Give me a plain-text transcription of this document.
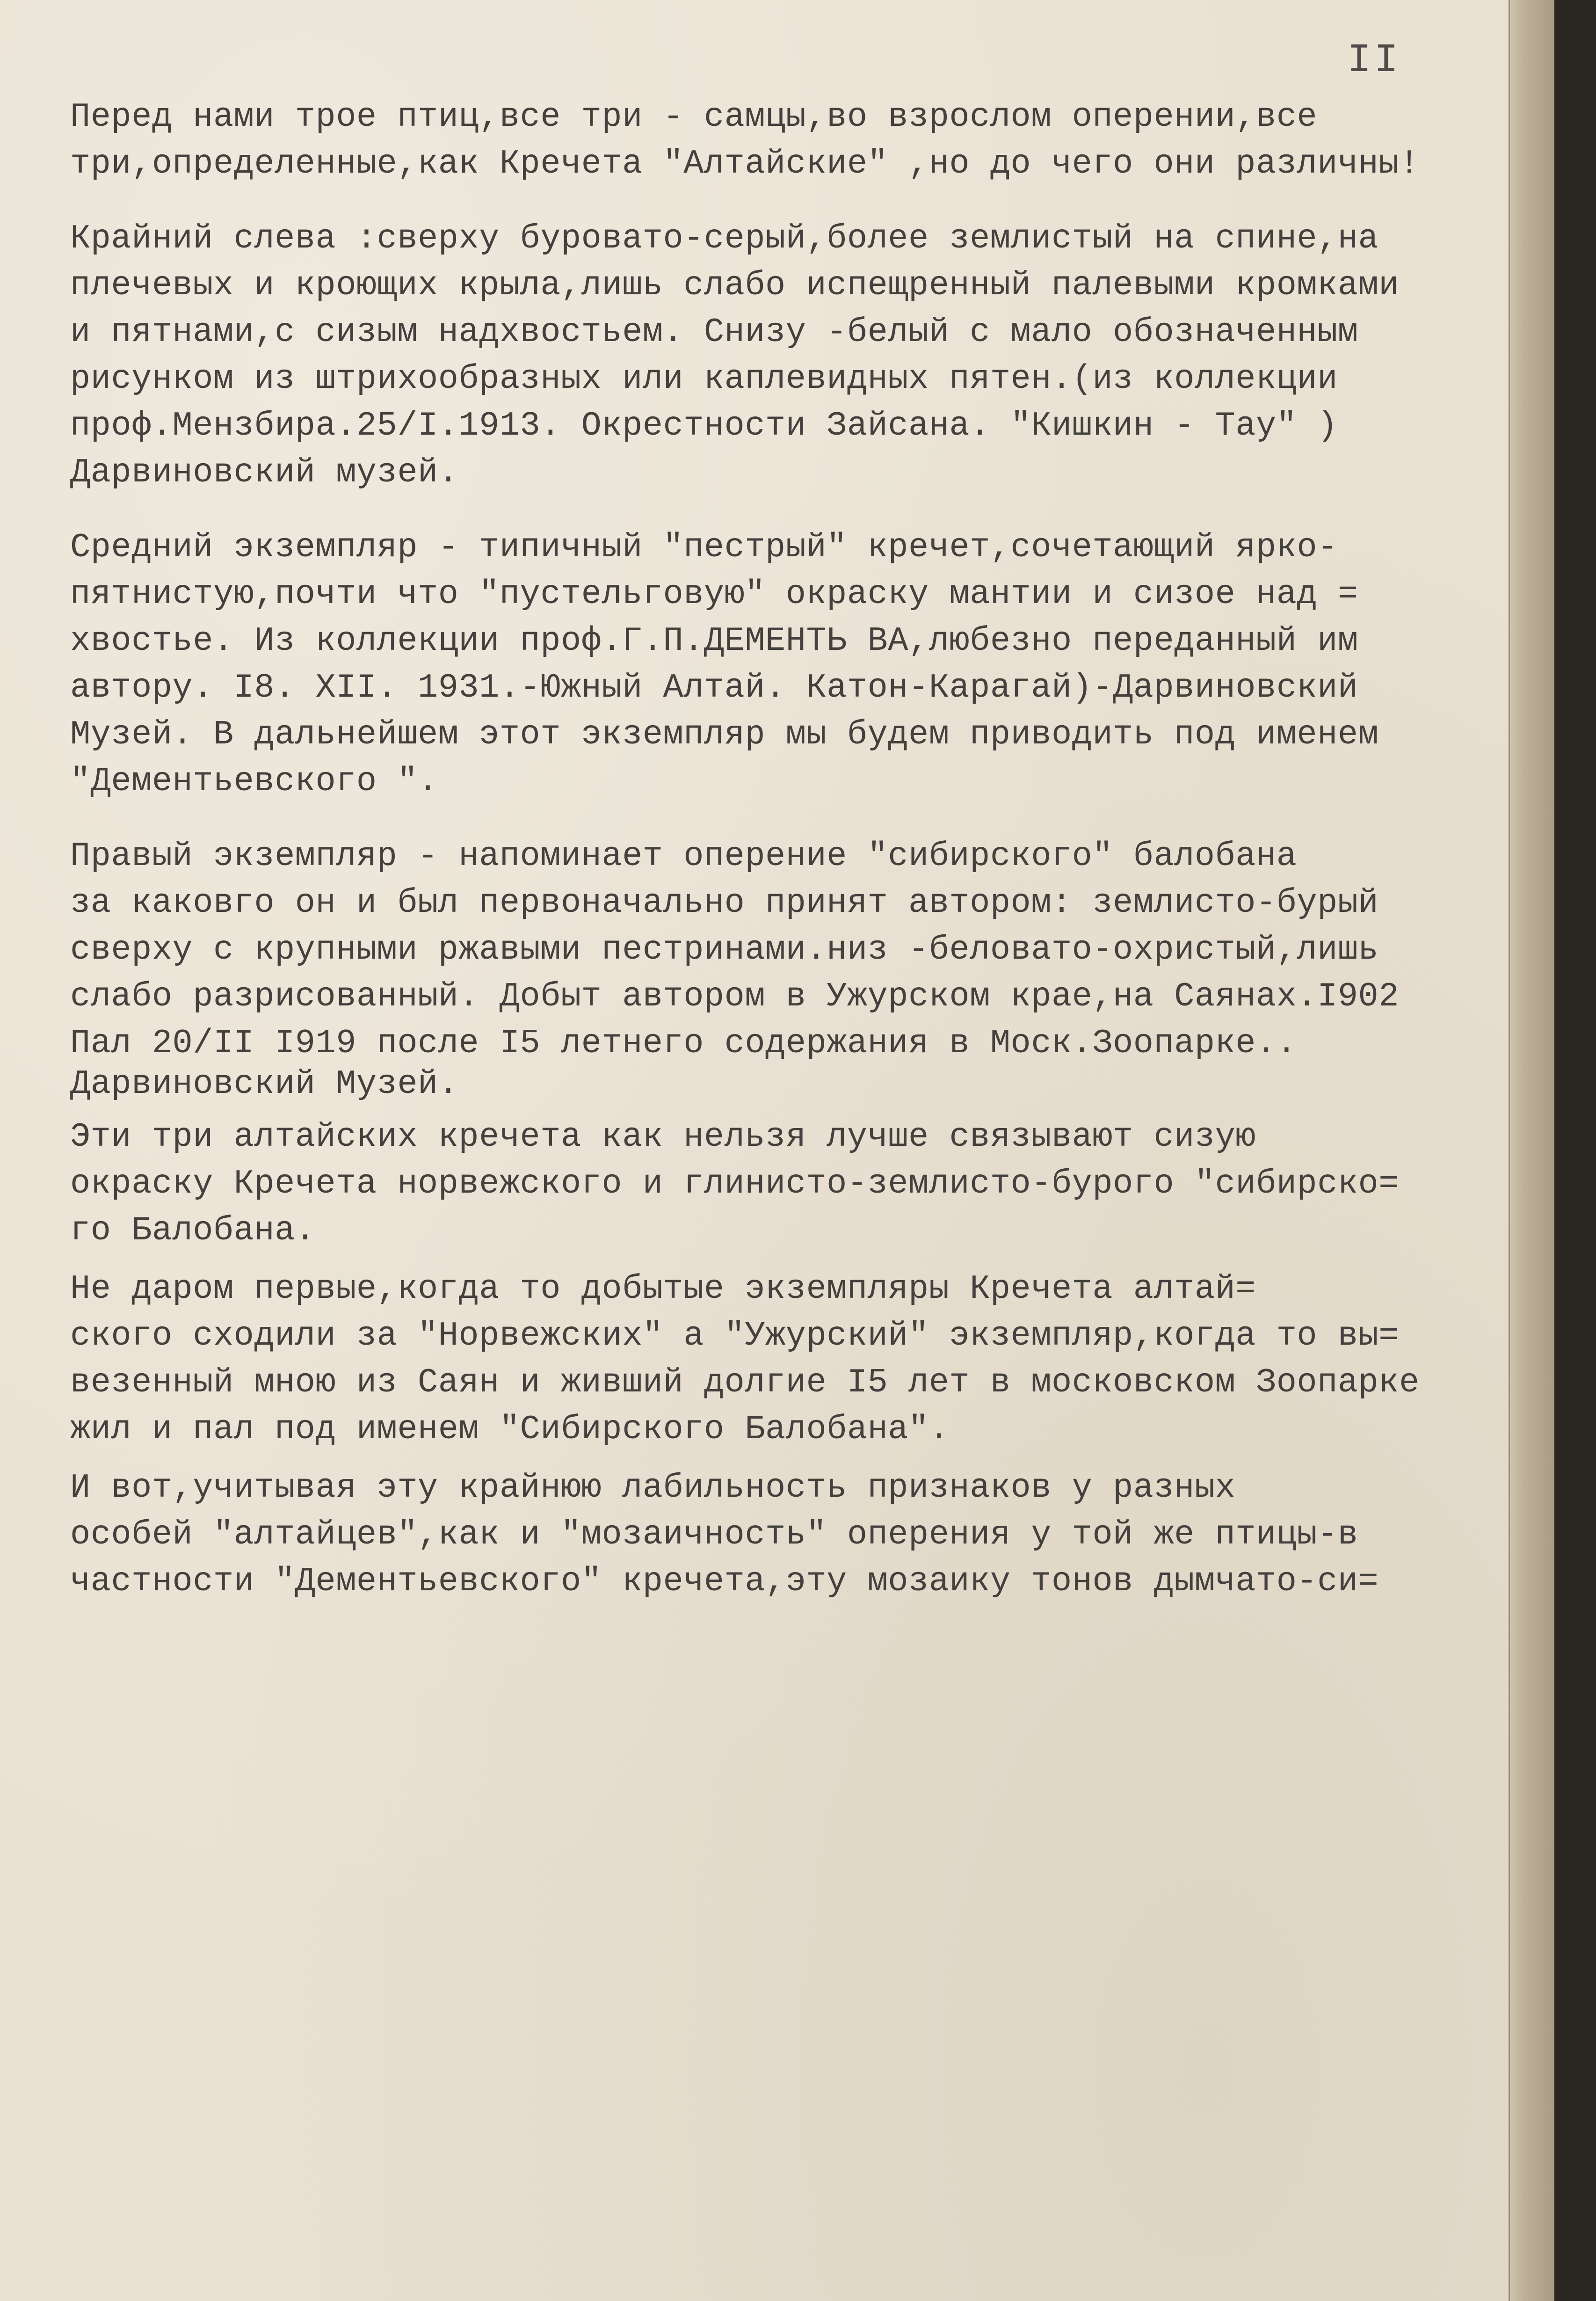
II
Перед нами трое птиц,все три - самцы,во взрослом оперении,все
три,определенные,как Кречета "Алтайские" ,но до чего они различны!
Крайний слева :сверху буровато-серый,более землистый на спине,на
плечевых и кроющих крыла,лишь слабо испещренный палевыми кромками
и пятнами,с сизым надхвостьем. Снизу -белый с мало обозначенным
рисунком из штрихообразных или каплевидных пятен.(из коллекции
проф.Мензбира.25/I.1913. Окрестности Зайсана. "Кишкин - Тау" )
Дарвиновский музей.
Средний экземпляр - типичный "пестрый" кречет,сочетающий ярко-
пятнистую,почти что "пустельговую" окраску мантии и сизое над =
хвостье. Из коллекции проф.Г.П.ДЕМЕНТЬ ВА,любезно переданный им
автору. I8. XII. 1931.-Южный Алтай. Катон-Карагай)-Дарвиновский
Музей. В дальнейшем этот экземпляр мы будем приводить под именем
"Дементьевского ".
Правый экземпляр - напоминает оперение "сибирского" балобана
за каковго он и был первоначально принят автором: землисто-бурый
сверху с крупными ржавыми пестринами.низ -беловато-охристый,лишь
слабо разрисованный. Добыт автором в Ужурском крае,на Саянах.I902
Пал 20/II I919 после I5 летнего содержания в Моск.Зоопарке..
Дарвиновский Музей.
Эти три алтайских кречета как нельзя лучше связывают сизую
окраску Кречета норвежского и глинисто-землисто-бурого "сибирско=
го Балобана.
Не даром первые,когда то добытые экземпляры Кречета алтай=
ского сходили за "Норвежских" а "Ужурский" экземпляр,когда то вы=
везенный мною из Саян и живший долгие I5 лет в московском Зоопарке
жил и пал под именем "Сибирского Балобана".
И вот,учитывая эту крайнюю лабильность признаков у разных
особей "алтайцев",как и "мозаичность" оперения у той же птицы-в
частности "Дементьевского" кречета,эту мозаику тонов дымчато-си=
